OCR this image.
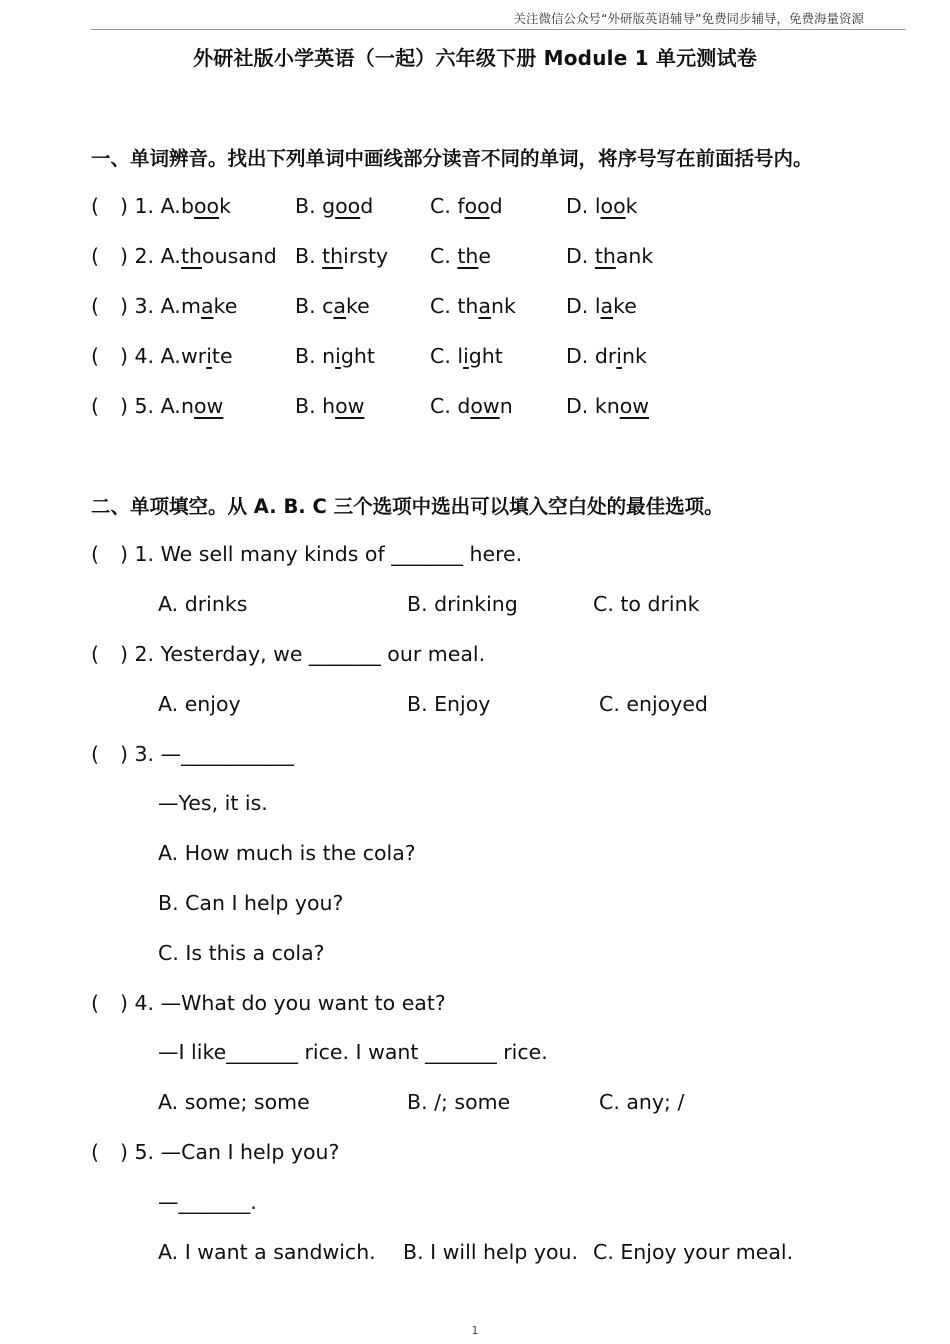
关注微信公众号“外研版英语辅导”免费同步辅导，免费海量资源
外研社版小学英语（一起）六年级下册 Module 1 单元测试卷
一、单词辨音。找出下列单词中画线部分读音不同的单词，将序号写在前面括号内。
( ) 1. A. book	B. good	C. food	D. look
( ) 2. A. thousand B. thirsty C. the	D. thank
( ) 3. A. make	B. cake	C. thank D. lake
( ) 4. A. write	B. night	C. light	D. drink
( ) 5. A. now	B. how	C. down	D. know
二、单项填空。从 A. B. C 三个选项中选出可以填入空白处的最佳选项。
( ) 1. We sell many kinds of _______ here.
A. drinks	B. drinking	C. to drink
( ) 2. Yesterday, we _______ our meal.
A. enjoy	B. Enjoy	C. enjoyed
( ) 3. —___________
—Yes, it is.
A. How much is the cola?
B. Can I help you?
C. Is this a cola?
( ) 4. —What do you want to eat?
—I like_______ rice. I want _______ rice.
A. some; some	B. /; some	C. any; /
( ) 5. —Can I help you?
—_______.
A. I want a sandwich. B. I will help you. C. Enjoy your meal.
1
